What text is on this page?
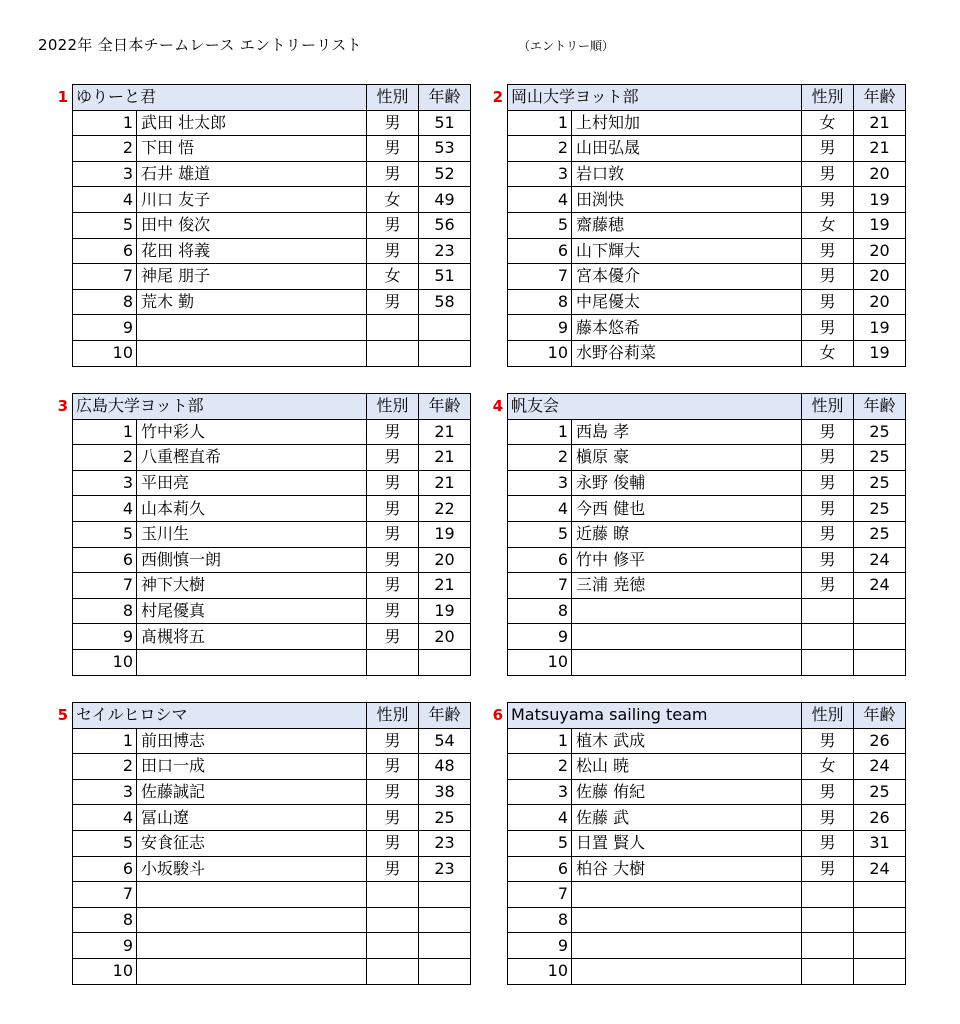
2022年 全日本チームレース エントリーリスト	（エントリー順）
1 ゆりーと君		性別	年齢
1	武田 壮太郎	男	51
2	下田 悟	男	53
3	石井 雄道	男	52
4	川口 友子	女	49
5	田中 俊次	男	56
6	花田 将義	男	23
7	神尾 朋子	女	51
8	荒木 勤	男	58
9			
10			
2 岡山大学ヨット部		性別	年齢
1	上村知加	女	21
2	山田弘晟	男	21
3	岩口敦	男	20
4	田渕快	男	19
5	齋藤穂	女	19
6	山下輝大	男	20
7	宮本優介	男	20
8	中尾優太	男	20
9	藤本悠希	男	19
10	水野谷莉菜	女	19
3 広島大学ヨット部		性別	年齢
1	竹中彩人	男	21
2	八重樫直希	男	21
3	平田亮	男	21
4	山本莉久	男	22
5	玉川生	男	19
6	西側慎一朗	男	20
7	神下大樹	男	21
8	村尾優真	男	19
9	髙槻将五	男	20
10			
4 帆友会		性別	年齢
1	西島 孝	男	25
2	槇原 豪	男	25
3	永野 俊輔	男	25
4	今西 健也	男	25
5	近藤 瞭	男	25
6	竹中 修平	男	24
7	三浦 尭徳	男	24
8			
9			
10			
5 セイルヒロシマ		性別	年齢
1	前田博志	男	54
2	田口一成	男	48
3	佐藤誠記	男	38
4	冨山遼	男	25
5	安食征志	男	23
6	小坂駿斗	男	23
7			
8			
9			
10			
6 Matsuyama sailing team		性別	年齢
1	植木 武成	男	26
2	松山 暁	女	24
3	佐藤 侑紀	男	25
4	佐藤 武	男	26
5	日置 賢人	男	31
6	柏谷 大樹	男	24
7			
8			
9			
10			
